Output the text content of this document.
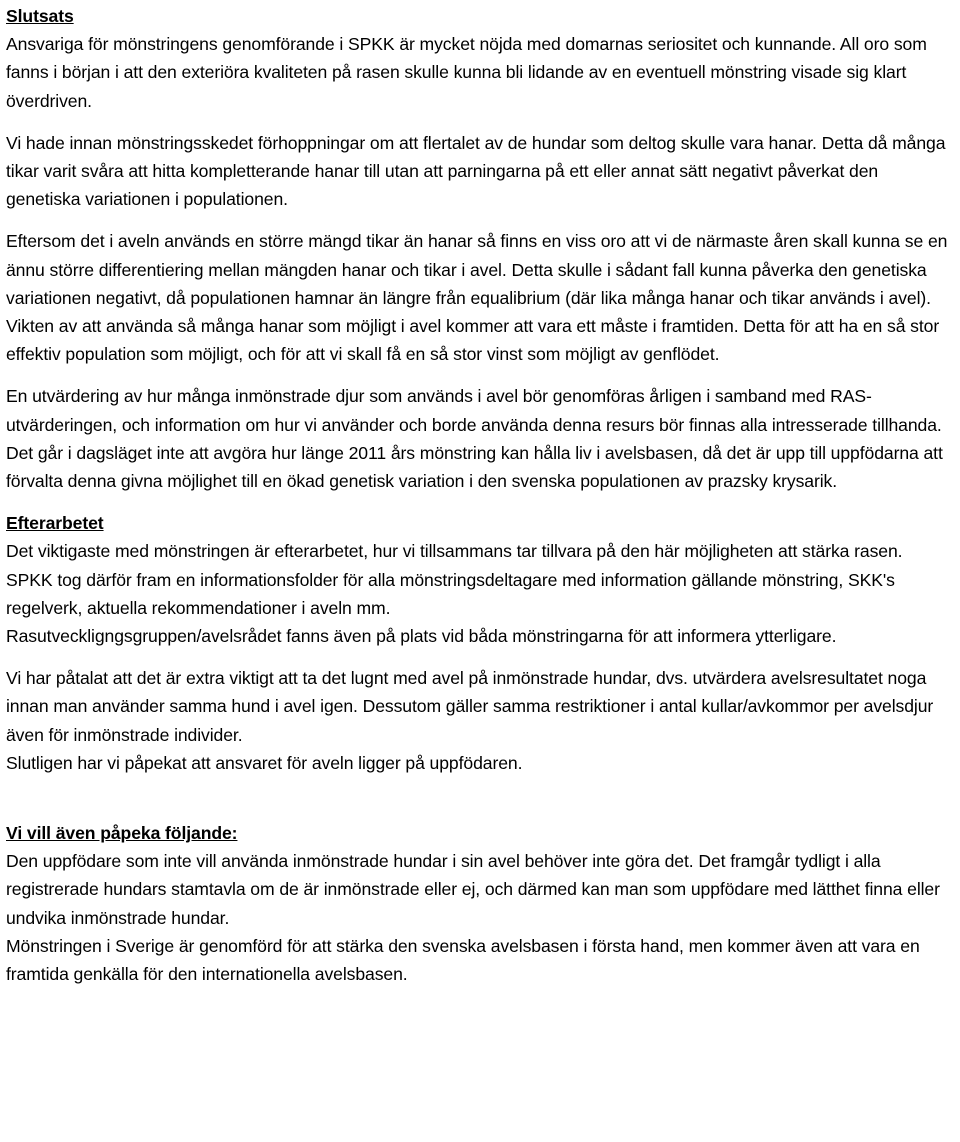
Slutsats

Ansvariga för mönstringens genomförande i SPKK är mycket nöjda med domarnas seriositet och kunnande. All oro som fanns i början i att den exteriöra kvaliteten på rasen skulle kunna bli lidande av en eventuell mönstring visade sig klart överdriven.

Vi hade innan mönstringsskedet förhoppningar om att flertalet av de hundar som deltog skulle vara hanar. Detta då många tikar varit svåra att hitta kompletterande hanar till utan att parningarna på ett eller annat sätt negativt påverkat den genetiska variationen i populationen.

Eftersom det i aveln används en större mängd tikar än hanar så finns en viss oro att vi de närmaste åren skall kunna se en ännu större differentiering mellan mängden hanar och tikar i avel. Detta skulle i sådant fall kunna påverka den genetiska variationen negativt, då populationen hamnar än längre från equalibrium (där lika många hanar och tikar används i avel). Vikten av att använda så många hanar som möjligt i avel kommer att vara ett måste i framtiden. Detta för att ha en så stor effektiv population som möjligt, och för att vi skall få en så stor vinst som möjligt av genflödet.

En utvärdering av hur många inmönstrade djur som används i avel bör genomföras årligen i samband med RAS-utvärderingen, och information om hur vi använder och borde använda denna resurs bör finnas alla intresserade tillhanda. Det går i dagsläget inte att avgöra hur länge 2011 års mönstring kan hålla liv i avelsbasen, då det är upp till uppfödarna att förvalta denna givna möjlighet till en ökad genetisk variation i den svenska populationen av prazsky krysarik.

Efterarbetet

Det viktigaste med mönstringen är efterarbetet, hur vi tillsammans tar tillvara på den här möjligheten att stärka rasen.

SPKK tog därför fram en informationsfolder för alla mönstringsdeltagare med information gällande mönstring, SKK's regelverk, aktuella rekommendationer i aveln mm.

Rasutveckligngsgruppen/avelsrådet fanns även på plats vid båda mönstringarna för att informera ytterligare.

Vi har påtalat att det är extra viktigt att ta det lugnt med avel på inmönstrade hundar, dvs. utvärdera avelsresultatet noga innan man använder samma hund i avel igen. Dessutom gäller samma restriktioner i antal kullar/avkommor per avelsdjur även för inmönstrade individer.

Slutligen har vi påpekat att ansvaret för aveln ligger på uppfödaren.

Vi vill även påpeka följande:

Den uppfödare som inte vill använda inmönstrade hundar i sin avel behöver inte göra det. Det framgår tydligt i alla registrerade hundars stamtavla om de är inmönstrade eller ej, och därmed kan man som uppfödare med lätthet finna eller undvika inmönstrade hundar.

Mönstringen i Sverige är genomförd för att stärka den svenska avelsbasen i första hand, men kommer även att vara en framtida genkälla för den internationella avelsbasen.
